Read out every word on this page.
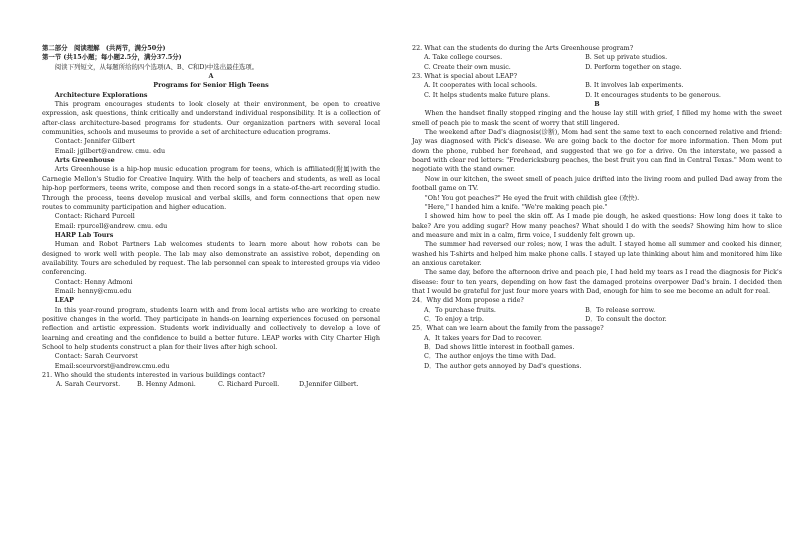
第二部分　阅读理解　(共两节，满分50分)

第一节 (共15小题；每小题2.5分，满分37.5分)

阅读下列短文，从每题所给的四个选项(A、B、C和D)中选出最佳选项。

A

Programs for Senior High Teens

Architecture Explorations

This program encourages students to look closely at their environment, be open to creative expression, ask questions, think critically and understand individual responsibility. It is a collection of after-class architecture-based programs for students. Our organization partners with several local communities, schools and museums to provide a set of architecture education programs.

Contact: Jennifer Gilbert

Email: jgilbert@andrew. cmu. edu

Arts Greenhouse

Arts Greenhouse is a hip-hop music education program for teens, which is affiliated(附属)with the Carnegie Mellon's Studio for Creative Inquiry. With the help of teachers and students, as well as local hip-hop performers, teens write, compose and then record songs in a state-of-the-art recording studio. Through the process, teens develop musical and verbal skills, and form connections that open new routes to community participation and higher education.

Contact: Richard Purcell

Email: rpurcell@andrew. cmu. edu

HARP Lab Tours

Human and Robot Partners Lab welcomes students to learn more about how robots can be designed to work well with people. The lab may also demonstrate an assistive robot, depending on availability. Tours are scheduled by request. The lab personnel can speak to interested groups via video conferencing.

Contact: Henny Admoni

Email: henny@cmu.edu

LEAP

In this year-round program, students learn with and from local artists who are working to create positive changes in the world. They participate in hands-on learning experiences focused on personal reflection and artistic expression. Students work individually and collectively to develop a love of learning and creating and the confidence to build a better future. LEAP works with City Charter High School to help students construct a plan for their lives after high school.

Contact: Sarah Ceurvorst

Email:sceurvorst@andrew.cmu.edu

21. Who should the students interested in various buildings contact?

A. Sarah Ceurvorst.	B. Henny Admoni.	C. Richard Purcell.	D.Jennifer Gilbert.

22. What can the students do during the Arts Greenhouse program?

A. Take college courses.	B. Set up private studios.
C. Create their own music.	D. Perform together on stage.

23. What is special about LEAP?

A. It cooperates with local schools.	B. It involves lab experiments.
C. It helps students make future plans.	D. It encourages students to be generous.

B

When the handset finally stopped ringing and the house lay still with grief, I filled my home with the sweet smell of peach pie to mask the scent of worry that still lingered.

The weekend after Dad's diagnosis(诊断), Mom had sent the same text to each concerned relative and friend: Jay was diagnosed with Pick's disease. We are going back to the doctor for more information. Then Mom put down the phone, rubbed her forehead, and suggested that we go for a drive. On the interstate, we passed a board with clear red letters: "Fredericksburg peaches, the best fruit you can find in Central Texas." Mom went to negotiate with the stand owner.

Now in our kitchen, the sweet smell of peach juice drifted into the living room and pulled Dad away from the football game on TV.

"Oh! You got peaches?" He eyed the fruit with childish glee (欢快).

"Here," I handed him a knife. "We're making peach pie."

I showed him how to peel the skin off. As I made pie dough, he asked questions: How long does it take to bake? Are you adding sugar? How many peaches? What should I do with the seeds? Showing him how to slice and measure and mix in a calm, firm voice, I suddenly felt grown up.

The summer had reversed our roles; now, I was the adult. I stayed home all summer and cooked his dinner, washed his T-shirts and helped him make phone calls. I stayed up late thinking about him and monitored him like an anxious caretaker.

The same day, before the afternoon drive and peach pie, I had held my tears as I read the diagnosis for Pick's disease: four to ten years, depending on how fast the damaged proteins overpower Dad's brain. I decided then that I would be grateful for just four more years with Dad, enough for him to see me become an adult for real.

24．Why did Mom propose a ride?

A．To purchase fruits.	B．To release sorrow.
C．To enjoy a trip.	D．To consult the doctor.

25．What can we learn about the family from the passage?

A．It takes years for Dad to recover.

B．Dad shows little interest in football games.

C．The author enjoys the time with Dad.

D．The author gets annoyed by Dad's questions.
